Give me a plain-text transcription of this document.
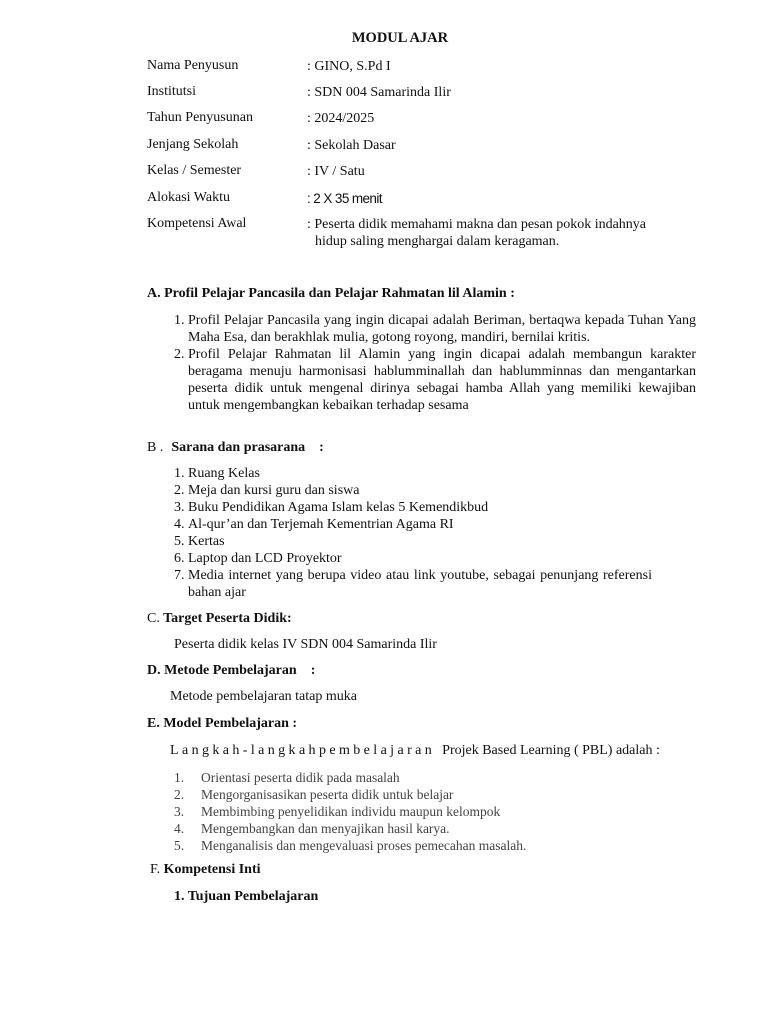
MODUL AJAR
Nama Penyusun	: GINO, S.Pd I
Institutsi	: SDN 004 Samarinda Ilir
Tahun Penyusunan	: 2024/2025
Jenjang Sekolah	: Sekolah Dasar
Kelas / Semester	: IV / Satu
Alokasi Waktu	: 2 X 35 menit
Kompetensi Awal	: Peserta didik memahami makna dan pesan pokok indahnya
hidup saling menghargai dalam keragaman.
A. Profil Pelajar Pancasila dan Pelajar Rahmatan lil Alamin :
1. Profil Pelajar Pancasila yang ingin dicapai adalah Beriman, bertaqwa kepada Tuhan Yang Maha Esa, dan berakhlak mulia, gotong royong, mandiri, bernilai kritis.
2. Profil Pelajar Rahmatan lil Alamin yang ingin dicapai adalah membangun karakter beragama menuju harmonisasi hablumminallah dan hablumminnas dan mengantarkan peserta didik untuk mengenal dirinya sebagai hamba Allah yang memiliki kewajiban untuk mengembangkan kebaikan terhadap sesama
B . Sarana dan prasarana :
1. Ruang Kelas
2. Meja dan kursi guru dan siswa
3. Buku Pendidikan Agama Islam kelas 5 Kemendikbud
4. Al-qur’an dan Terjemah Kementrian Agama RI
5. Kertas
6. Laptop dan LCD Proyektor
7. Media internet yang berupa video atau link youtube, sebagai penunjang referensi bahan ajar
C. Target Peserta Didik:
Peserta didik kelas IV SDN 004 Samarinda Ilir
D. Metode Pembelajaran :
Metode pembelajaran tatap muka
E. Model Pembelajaran :
Langkah-langkahpembelajaran Projek Based Learning ( PBL) adalah :
1. Orientasi peserta didik pada masalah
2. Mengorganisasikan peserta didik untuk belajar
3. Membimbing penyelidikan individu maupun kelompok
4. Mengembangkan dan menyajikan hasil karya.
5. Menganalisis dan mengevaluasi proses pemecahan masalah.
F. Kompetensi Inti
1. Tujuan Pembelajaran
